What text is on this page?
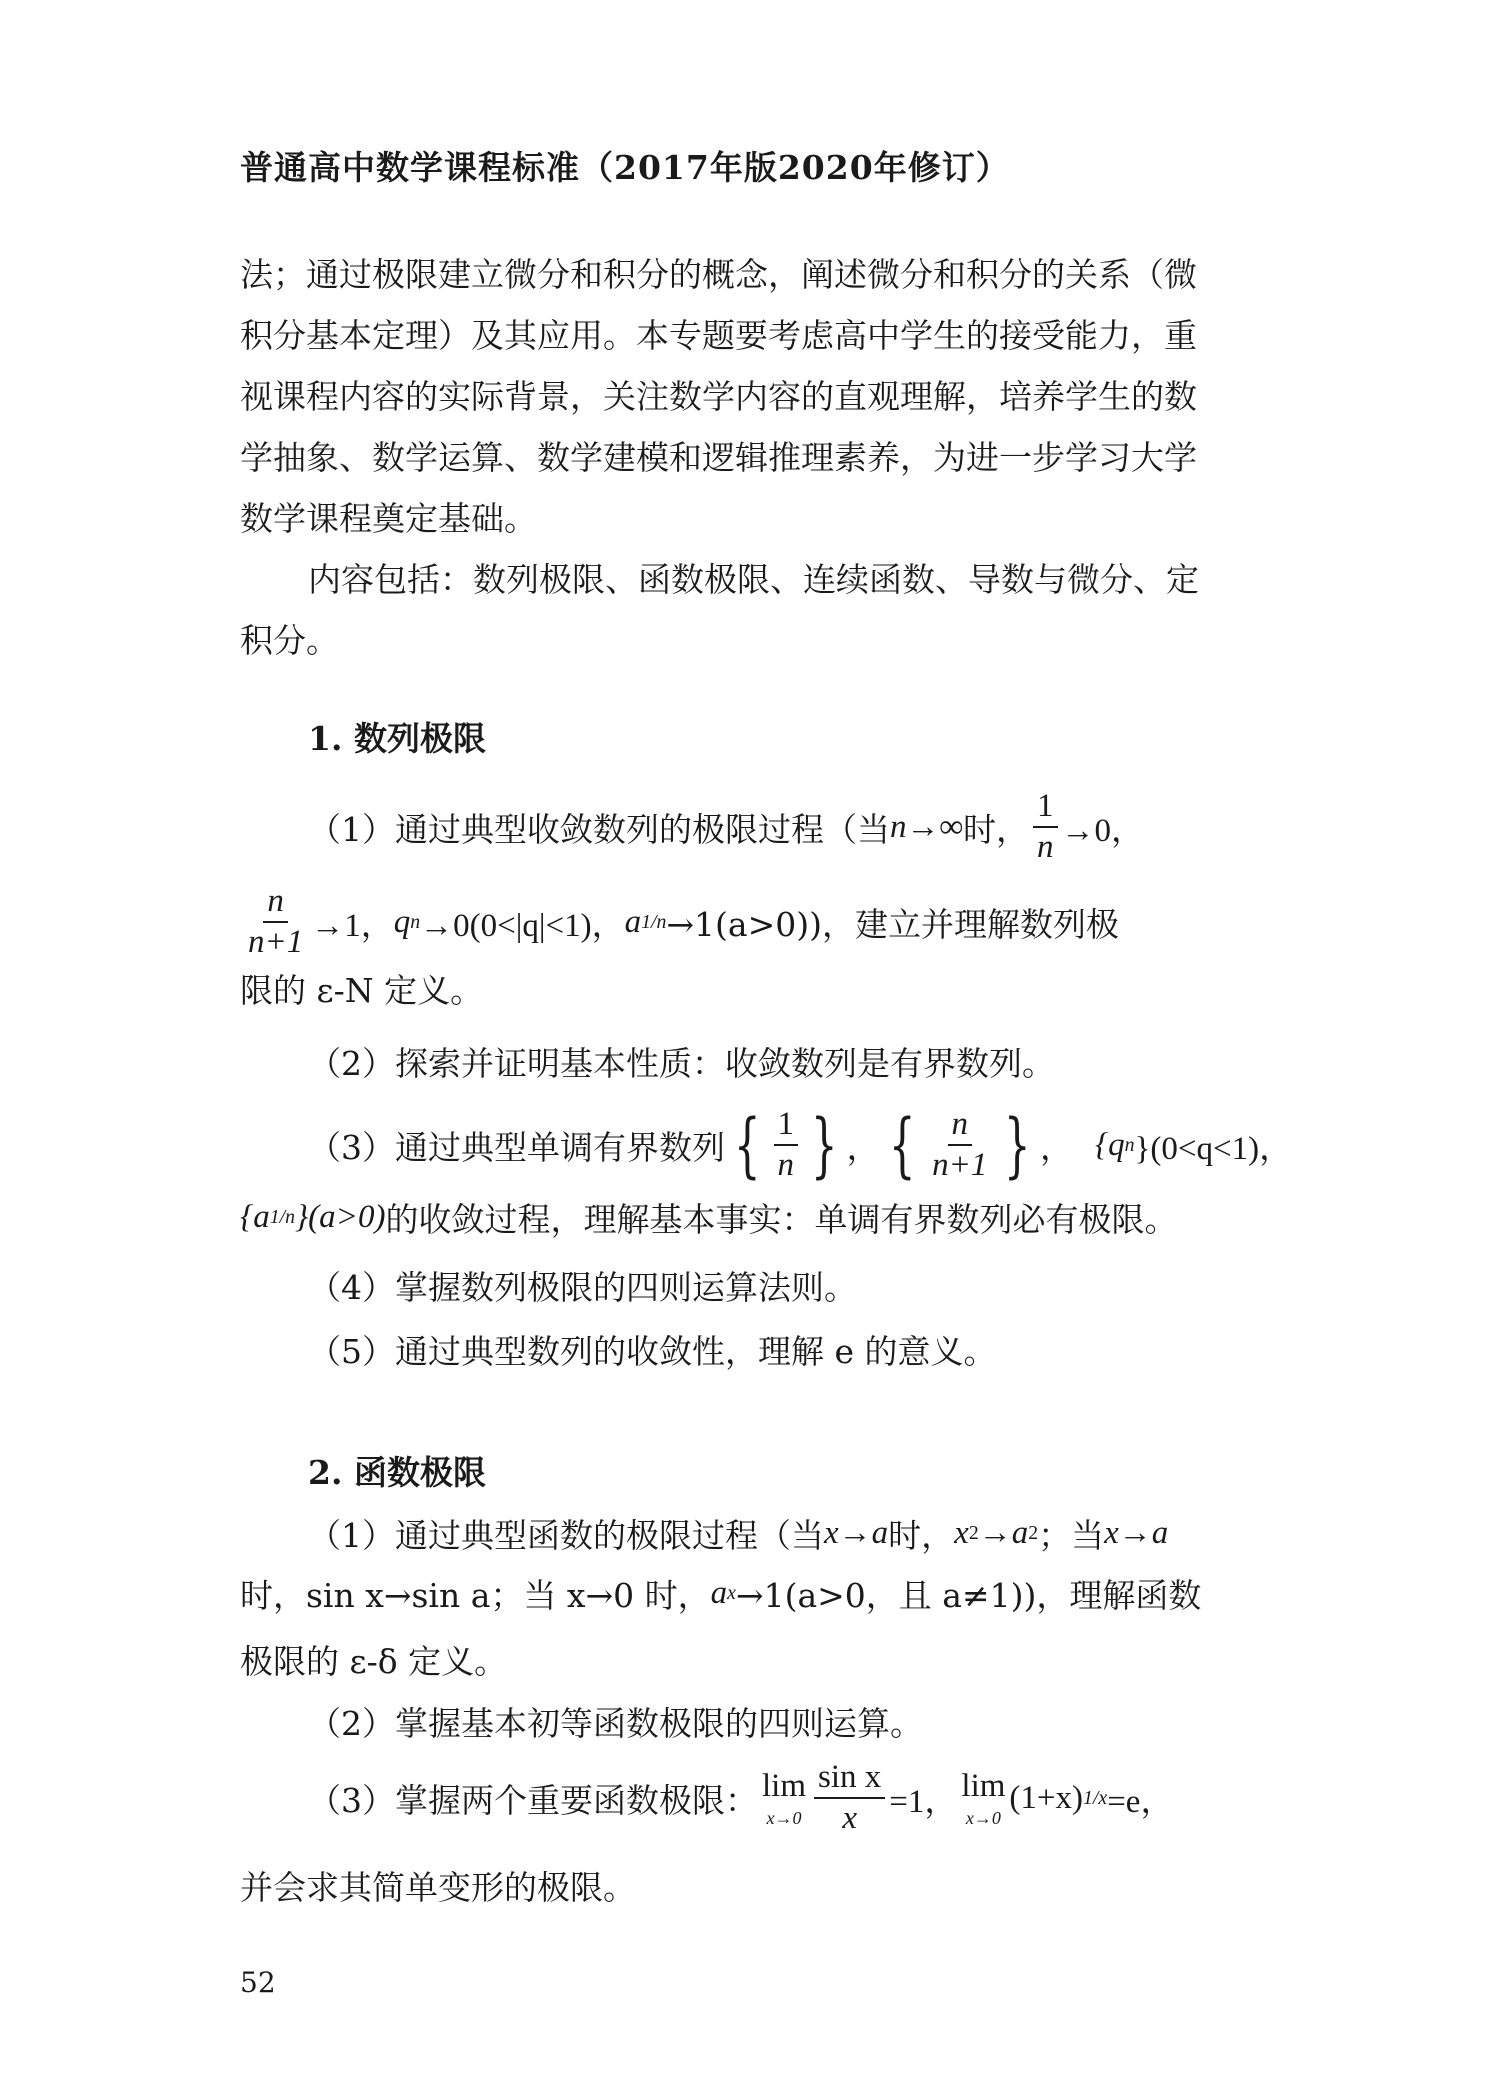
普通高中数学课程标准（2017年版2020年修订）

法；通过极限建立微分和积分的概念，阐述微分和积分的关系（微

积分基本定理）及其应用。本专题要考虑高中学生的接受能力，重

视课程内容的实际背景，关注数学内容的直观理解，培养学生的数

学抽象、数学运算、数学建模和逻辑推理素养，为进一步学习大学

数学课程奠定基础。

内容包括：数列极限、函数极限、连续函数、导数与微分、定

积分。

1. 数列极限
（1）通过典型收敛数列的极限过程（当 n→∞ 时， $\frac{1}{n} \to 0$，
$\frac{n}{n+1} \to 1$， q n →0(0<|q|<1)， a 1/n →1(a>0))，建立并理解数列极
限的 ε-N 定义。
（2）探索并证明基本性质：收敛数列是有界数列。
（3）通过典型单调有界数列 { $\frac{1}{n}$ } ， { $\frac{n}{n+1}$ } ， {q n }(0<q<1)，
{a 1/n }(a>0) 的收敛过程，理解基本事实：单调有界数列必有极限。
（4）掌握数列极限的四则运算法则。
（5）通过典型数列的收敛性，理解 e 的意义。
2. 函数极限
（1）通过典型函数的极限过程（当 x→a 时， x 2 →a 2 ；当 x→a
时，sin x→sin a；当 x→0 时， a x →1(a>0，且 a≠1))，理解函数
极限的 ε-δ 定义。
（2）掌握基本初等函数极限的四则运算。
（3）掌握两个重要函数极限： lim
$x\to 0 \frac{\text{sin x}}{x} =1$， lim
x→0
(1+x) 1/x =e，
并会求其简单变形的极限。
52
